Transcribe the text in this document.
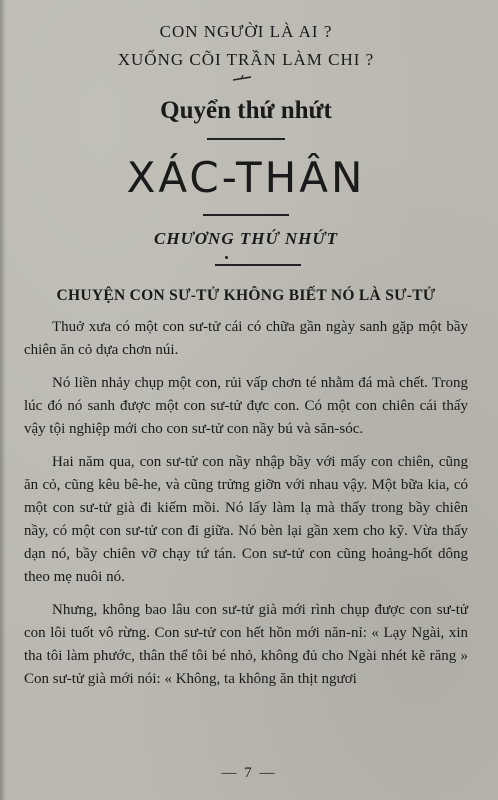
CON NGƯỜI LÀ AI ?

XUỐNG CÕI TRẦN LÀM CHI ?

Quyển thứ nhứt
XÁC-THÂN
CHƯƠNG THỨ NHỨT
CHUYỆN CON SƯ-TỬ KHÔNG BIẾT NÓ LÀ SƯ-TỬ

Thuở xưa có một con sư-tử cái có chữa gần ngày sanh gặp một bầy chiên ăn cỏ dựa chơn núi.

Nó liền nhảy chụp một con, rủi vấp chơn té nhằm đá mà chết. Trong lúc đó nó sanh được một con sư-tử đực con. Có một con chiên cái thấy vậy tội nghiệp mới cho con sư-tử con nầy bú và săn-sóc.

Hai năm qua, con sư-tử con nầy nhập bầy với mấy con chiên, cũng ăn cỏ, cũng kêu bê-he, và cũng trửng giỡn với nhau vậy. Một bữa kia, có một con sư-tử già đi kiếm mồi. Nó lấy làm lạ mà thấy trong bầy chiên nầy, có một con sư-tử con đi giữa. Nó bèn lại gần xem cho kỹ. Vừa thấy dạn nó, bầy chiên vỡ chạy tứ tán. Con sư-tử con cũng hoảng-hốt dông theo mẹ nuôi nó.

Nhưng, không bao lâu con sư-tử già mới rình chụp được con sư-tử con lôi tuốt vô rừng. Con sư-tử con hết hồn mới năn-nỉ: « Lạy Ngài, xin tha tôi làm phước, thân thể tôi bé nhỏ, không đủ cho Ngài nhét kẽ răng » Con sư-tử già mới nói: « Không, ta không ăn thịt ngươi

— 7 —
